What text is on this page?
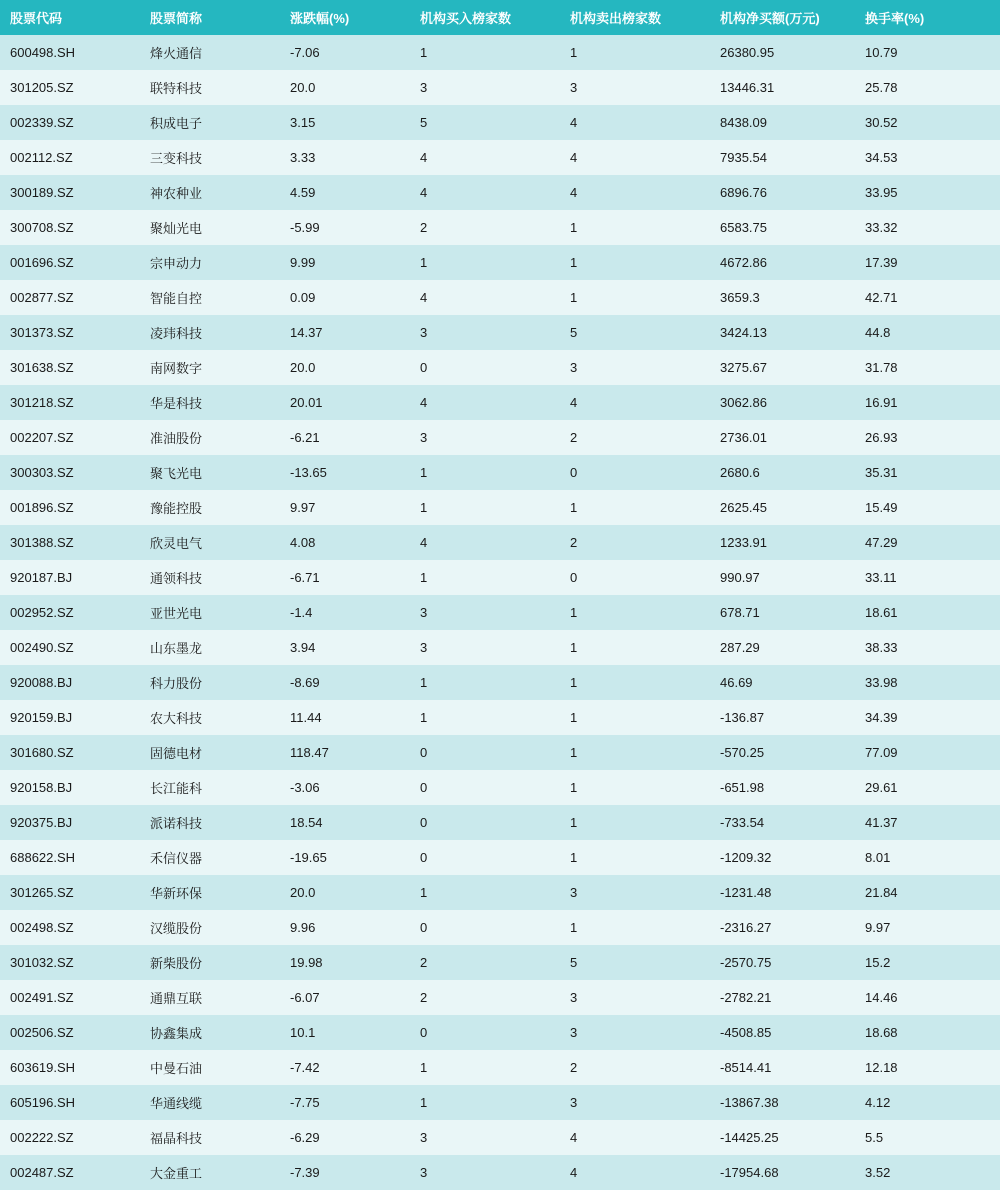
股票代码	股票简称	涨跌幅(%)	机构买入榜家数	机构卖出榜家数	机构净买额(万元)	换手率(%)
600498.SH	烽火通信	-7.06	1	1	26380.95	10.79
301205.SZ	联特科技	20.0	3	3	13446.31	25.78
002339.SZ	积成电子	3.15	5	4	8438.09	30.52
002112.SZ	三变科技	3.33	4	4	7935.54	34.53
300189.SZ	神农种业	4.59	4	4	6896.76	33.95
300708.SZ	聚灿光电	-5.99	2	1	6583.75	33.32
001696.SZ	宗申动力	9.99	1	1	4672.86	17.39
002877.SZ	智能自控	0.09	4	1	3659.3	42.71
301373.SZ	凌玮科技	14.37	3	5	3424.13	44.8
301638.SZ	南网数字	20.0	0	3	3275.67	31.78
301218.SZ	华是科技	20.01	4	4	3062.86	16.91
002207.SZ	准油股份	-6.21	3	2	2736.01	26.93
300303.SZ	聚飞光电	-13.65	1	0	2680.6	35.31
001896.SZ	豫能控股	9.97	1	1	2625.45	15.49
301388.SZ	欣灵电气	4.08	4	2	1233.91	47.29
920187.BJ	通领科技	-6.71	1	0	990.97	33.11
002952.SZ	亚世光电	-1.4	3	1	678.71	18.61
002490.SZ	山东墨龙	3.94	3	1	287.29	38.33
920088.BJ	科力股份	-8.69	1	1	46.69	33.98
920159.BJ	农大科技	11.44	1	1	-136.87	34.39
301680.SZ	固德电材	118.47	0	1	-570.25	77.09
920158.BJ	长江能科	-3.06	0	1	-651.98	29.61
920375.BJ	派诺科技	18.54	0	1	-733.54	41.37
688622.SH	禾信仪器	-19.65	0	1	-1209.32	8.01
301265.SZ	华新环保	20.0	1	3	-1231.48	21.84
002498.SZ	汉缆股份	9.96	0	1	-2316.27	9.97
301032.SZ	新柴股份	19.98	2	5	-2570.75	15.2
002491.SZ	通鼎互联	-6.07	2	3	-2782.21	14.46
002506.SZ	协鑫集成	10.1	0	3	-4508.85	18.68
603619.SH	中曼石油	-7.42	1	2	-8514.41	12.18
605196.SH	华通线缆	-7.75	1	3	-13867.38	4.12
002222.SZ	福晶科技	-6.29	3	4	-14425.25	5.5
002487.SZ	大金重工	-7.39	3	4	-17954.68	3.52
